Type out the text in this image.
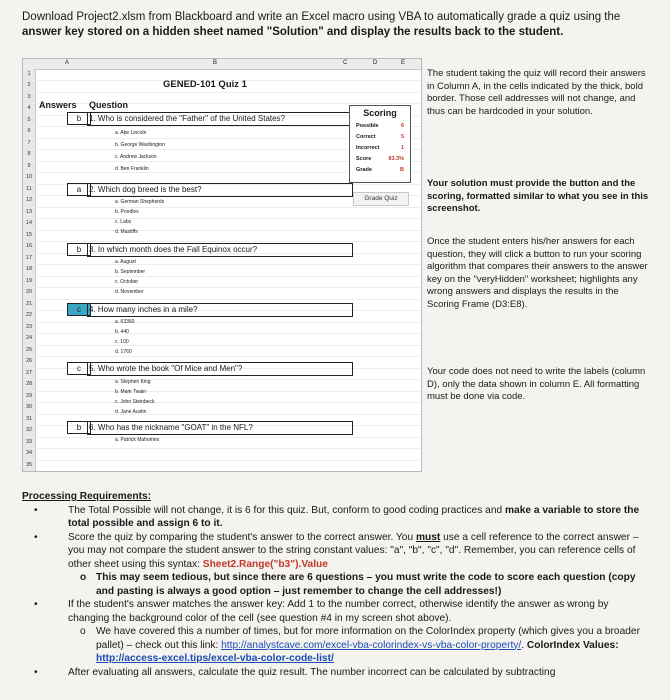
Download Project2.xlsm from Blackboard and write an Excel macro using VBA to automatically grade a quiz using the
answer key stored on a hidden sheet named "Solution" and display the results back to the student.
A	B	C	D	E
1
2
3
4
5
6
7
8
9
10
11
12
13
14
15
16
17
18
19
20
21
22
23
24
25
26
27
28
29
30
31
32
33
34
35
GENED-101 Quiz 1
Answers Question
b 1. Who is considered the "Father" of the United States?
a. Abe Lincoln
b. George Washington
c. Andrew Jackson
d. Ben Franklin
a 2. Which dog breed is the best?
a. German Shepherds
b. Poodles
c. Labs
d. Mastiffs
b 3. In which month does the Fall Equinox occur?
a. August
b. September
c. October
d. November
c	4. How many inches in a mile?
a. 63360
b. 440
c. 100
d. 1760
c	5. Who wrote the book "Of Mice and Men"?
a. Stephen King
b. Mark Twain
c. John Steinbeck
d. Jane Austin
b 6. Who has the nickname "GOAT" in the NFL?
a. Patrick Mahomes
Scoring
Possible	6
Correct	5
Incorrect	1
Score	83.3%
Grade	B
Grade Quiz
The student taking the quiz will record their answers in Column A, in the cells indicated by the thick, bold border. Those cell addresses will not change, and thus can be hardcoded in your solution.
Your solution must provide the button and the scoring, formatted similar to what you see in this screenshot.
Once the student enters his/her answers for each question, they will click a button to run your scoring algorithm that compares their answers to the answer key on the "veryHidden" worksheet; highlights any wrong answers and displays the results in the Scoring Frame (D3:E8).
Your code does not need to write the labels (column D), only the data shown in column E. All formatting must be done via code.
Processing Requirements:
•	The Total Possible will not change, it is 6 for this quiz. But, conform to good coding practices and make a variable to store the total possible and assign 6 to it.
•	Score the quiz by comparing the student's answer to the correct answer. You must use a cell reference to the correct answer – you may not compare the student answer to the string constant values: "a", "b", "c", "d". Remember, you can reference cells of other sheet using this syntax: Sheet2.Range("b3").Value
o This may seem tedious, but since there are 6 questions – you must write the code to score each question (copy and pasting is always a good option – just remember to change the cell addresses!)
•	If the student's answer matches the answer key: Add 1 to the number correct, otherwise identify the answer as wrong by changing the background color of the cell (see question #4 in my screen shot above).
o We have covered this a number of times, but for more information on the ColorIndex property (which gives you a broader pallet) – check out this link: http://analystcave.com/excel-vba-colorindex-vs-vba-color-property/. ColorIndex Values: http://access-excel.tips/excel-vba-color-code-list/
•	After evaluating all answers, calculate the quiz result. The number incorrect can be calculated by subtracting
